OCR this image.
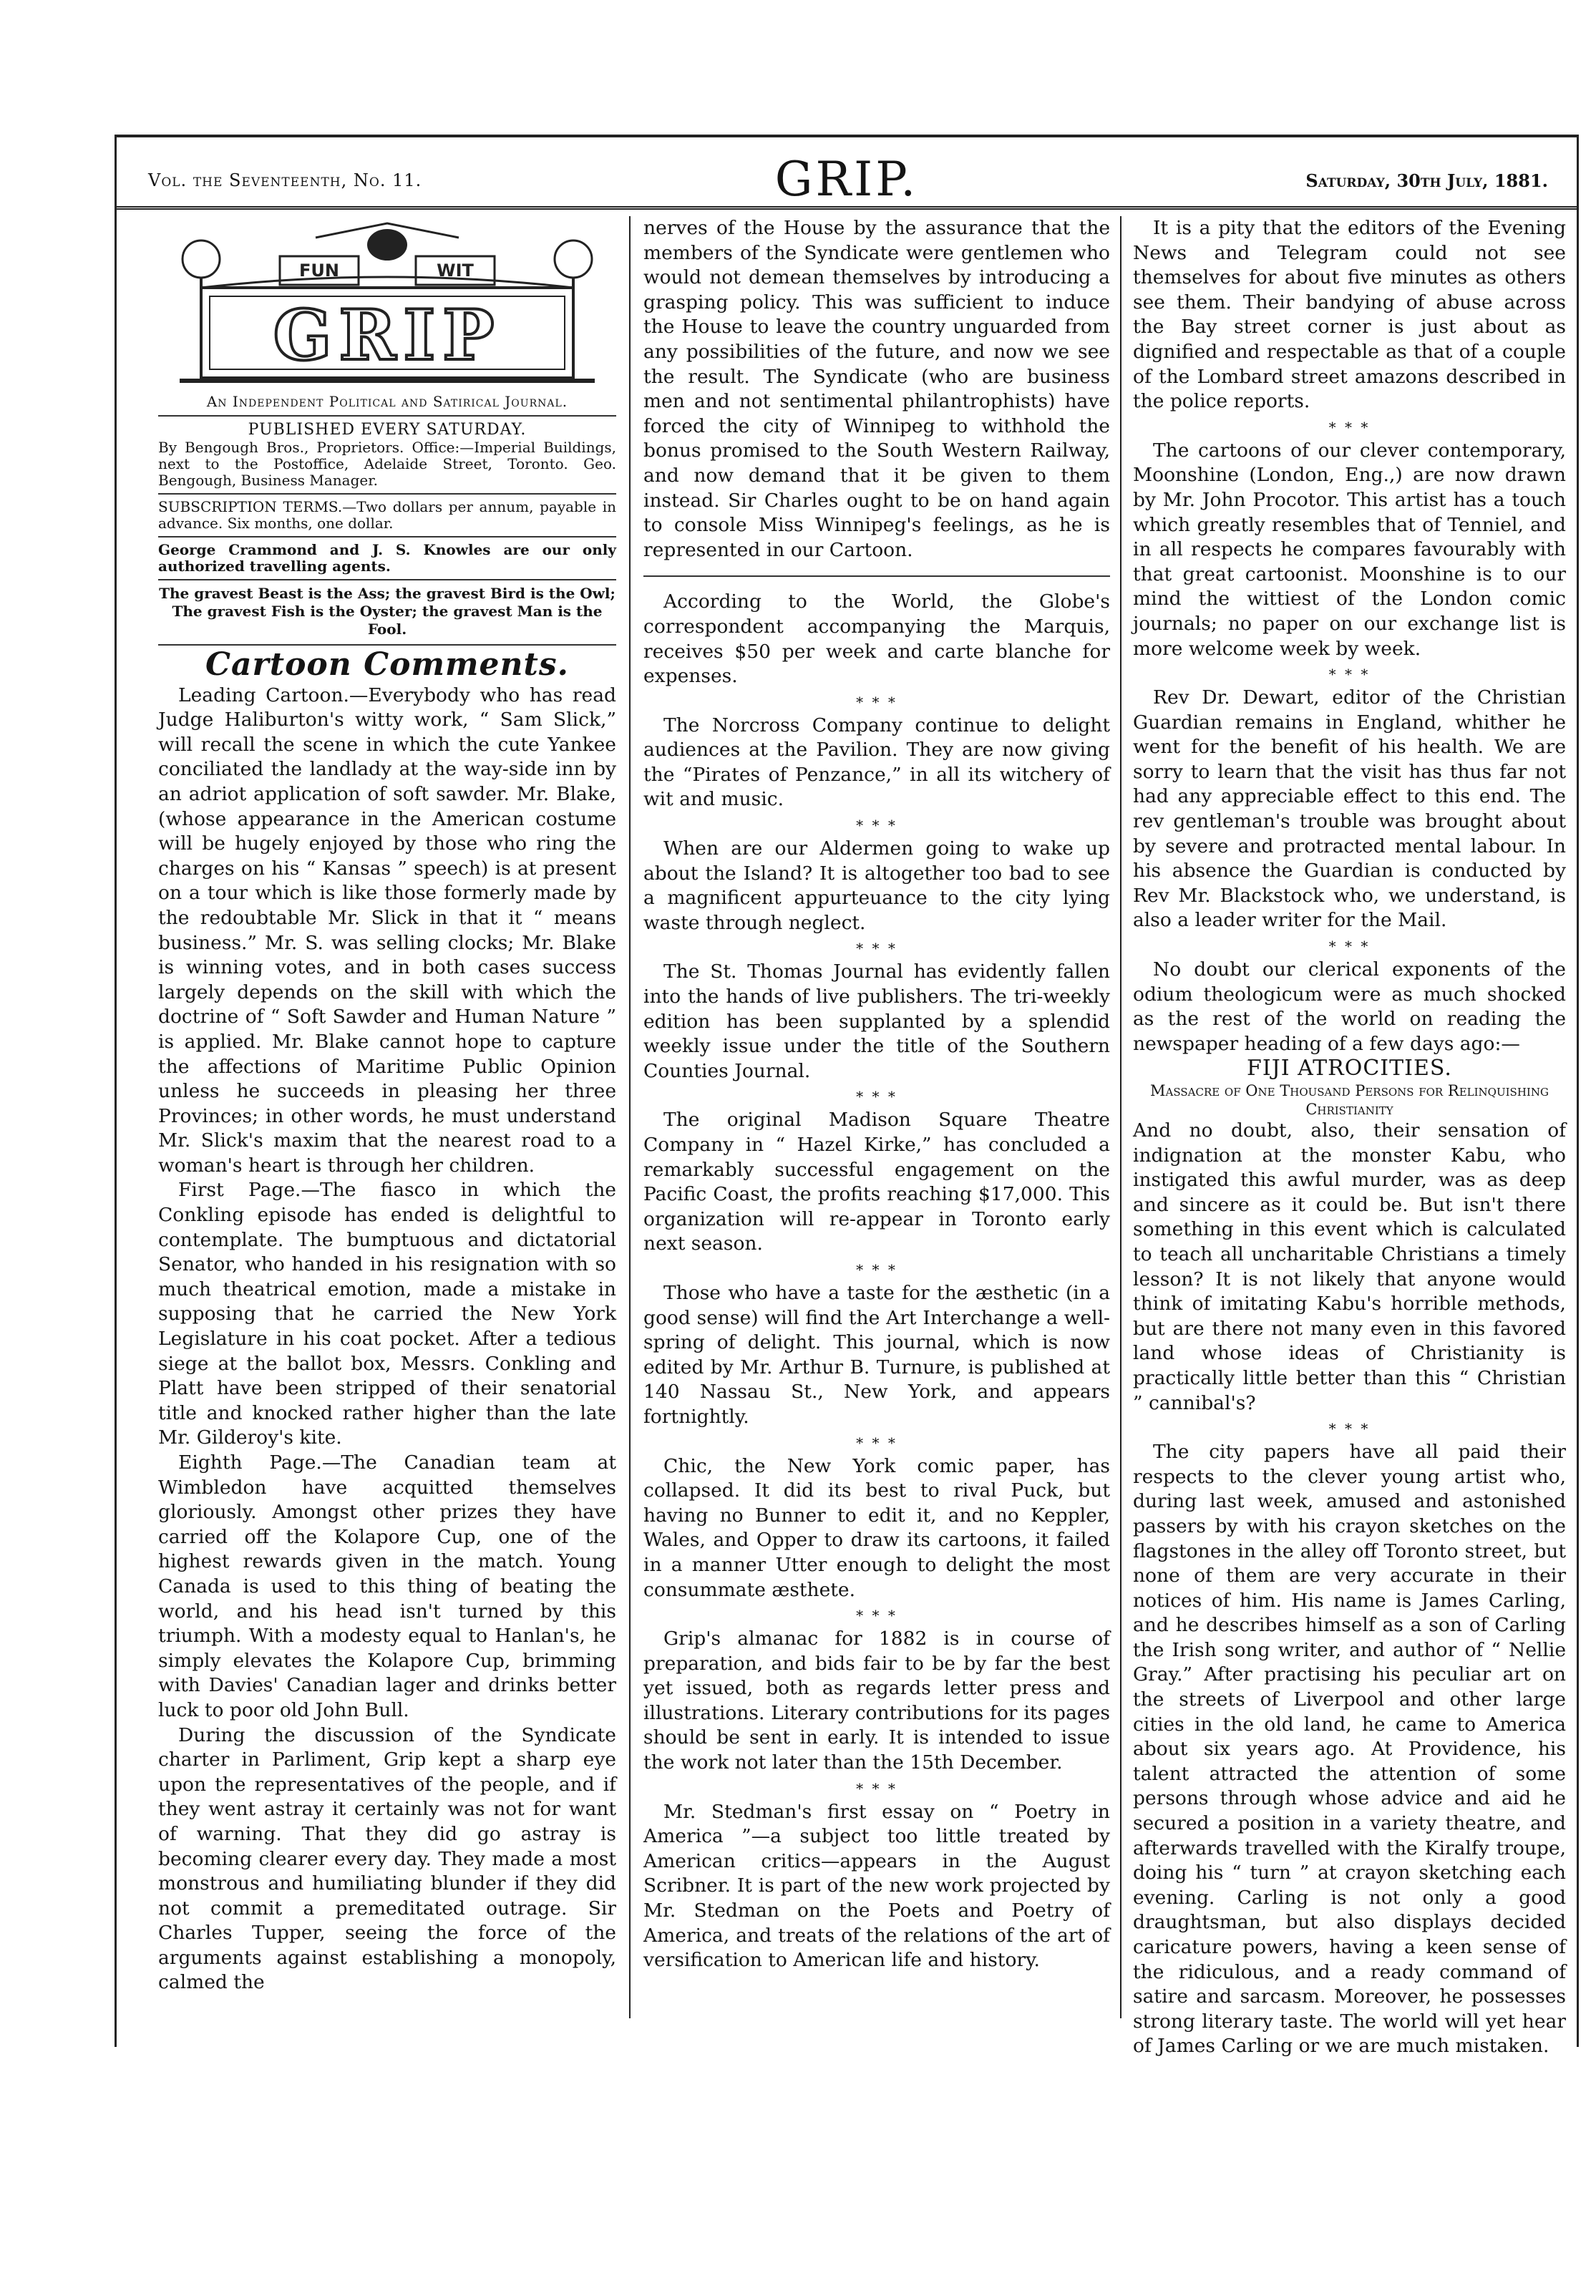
Vol. the Seventeenth, No. 11.	GRIP.	Saturday, 30th July, 1881.
FUN	WIT
GRIP
An Independent Political and Satirical Journal.
PUBLISHED EVERY SATURDAY.

By Bengough Bros., Proprietors. Office:—Imperial Buildings, next to the Postoffice, Adelaide Street, Toronto. Geo. Bengough, Business Manager.

SUBSCRIPTION TERMS.—Two dollars per annum, payable in advance. Six months, one dollar.

George Crammond and J. S. Knowles are our only authorized travelling agents.

The gravest Beast is the Ass; the gravest Bird is the Owl; The gravest Fish is the Oyster; the gravest Man is the Fool.

Cartoon Comments.

Leading Cartoon.—Everybody who has read Judge Haliburton's witty work, “ Sam Slick,” will recall the scene in which the cute Yankee conciliated the landlady at the way-side inn by an adriot application of soft sawder. Mr. Blake, (whose appearance in the American costume will be hugely enjoyed by those who ring the charges on his “ Kansas ” speech) is at present on a tour which is like those formerly made by the redoubtable Mr. Slick in that it “ means business.” Mr. S. was selling clocks; Mr. Blake is winning votes, and in both cases success largely depends on the skill with which the doctrine of “ Soft Sawder and Human Nature ” is applied. Mr. Blake cannot hope to capture the affections of Maritime Public Opinion unless he succeeds in pleasing her three Provinces; in other words, he must understand Mr. Slick's maxim that the nearest road to a woman's heart is through her children.

First Page.—The fiasco in which the Conkling episode has ended is delightful to contemplate. The bumptuous and dictatorial Senator, who handed in his resignation with so much theatrical emotion, made a mistake in supposing that he carried the New York Legislature in his coat pocket. After a tedious siege at the ballot box, Messrs. Conkling and Platt have been stripped of their senatorial title and knocked rather higher than the late Mr. Gilderoy's kite.

Eighth Page.—The Canadian team at Wimbledon have acquitted themselves gloriously. Amongst other prizes they have carried off the Kolapore Cup, one of the highest rewards given in the match. Young Canada is used to this thing of beating the world, and his head isn't turned by this triumph. With a modesty equal to Hanlan's, he simply elevates the Kolapore Cup, brimming with Davies' Canadian lager and drinks better luck to poor old John Bull.

During the discussion of the Syndicate charter in Parliment, Grip kept a sharp eye upon the representatives of the people, and if they went astray it certainly was not for want of warning. That they did go astray is becoming clearer every day. They made a most monstrous and humiliating blunder if they did not commit a premeditated outrage. Sir Charles Tupper, seeing the force of the arguments against establishing a monopoly, calmed the

nerves of the House by the assurance that the members of the Syndicate were gentlemen who would not demean themselves by introducing a grasping policy. This was sufficient to induce the House to leave the country unguarded from any possibilities of the future, and now we see the result. The Syndicate (who are business men and not sentimental philantrophists) have forced the city of Winnipeg to withhold the bonus promised to the South Western Railway, and now demand that it be given to them instead. Sir Charles ought to be on hand again to console Miss Winnipeg's feelings, as he is represented in our Cartoon.

According to the World, the Globe's correspondent accompanying the Marquis, receives $50 per week and carte blanche for expenses.

* * *

The Norcross Company continue to delight audiences at the Pavilion. They are now giving the “Pirates of Penzance,” in all its witchery of wit and music.

* * *

When are our Aldermen going to wake up about the Island? It is altogether too bad to see a magnificent appurteuance to the city lying waste through neglect.

* * *

The St. Thomas Journal has evidently fallen into the hands of live publishers. The tri-weekly edition has been supplanted by a splendid weekly issue under the title of the Southern Counties Journal.

* * *

The original Madison Square Theatre Company in “ Hazel Kirke,” has concluded a remarkably successful engagement on the Pacific Coast, the profits reaching $17,000. This organization will re-appear in Toronto early next season.

* * *

Those who have a taste for the æsthetic (in a good sense) will find the Art Interchange a well-spring of delight. This journal, which is now edited by Mr. Arthur B. Turnure, is published at 140 Nassau St., New York, and appears fortnightly.

* * *

Chic, the New York comic paper, has collapsed. It did its best to rival Puck, but having no Bunner to edit it, and no Keppler, Wales, and Opper to draw its cartoons, it failed in a manner Utter enough to delight the most consummate æsthete.

* * *

Grip's almanac for 1882 is in course of preparation, and bids fair to be by far the best yet issued, both as regards letter press and illustrations. Literary contributions for its pages should be sent in early. It is intended to issue the work not later than the 15th December.

* * *

Mr. Stedman's first essay on “ Poetry in America ”—a subject too little treated by American critics—appears in the August Scribner. It is part of the new work projected by Mr. Stedman on the Poets and Poetry of America, and treats of the relations of the art of versification to American life and history.

It is a pity that the editors of the Evening News and Telegram could not see themselves for about five minutes as others see them. Their bandying of abuse across the Bay street corner is just about as dignified and respectable as that of a couple of the Lombard street amazons described in the police reports.

* * *

The cartoons of our clever contemporary, Moonshine (London, Eng.,) are now drawn by Mr. John Procotor. This artist has a touch which greatly resembles that of Tenniel, and in all respects he compares favourably with that great cartoonist. Moonshine is to our mind the wittiest of the London comic journals; no paper on our exchange list is more welcome week by week.

* * *

Rev Dr. Dewart, editor of the Christian Guardian remains in England, whither he went for the benefit of his health. We are sorry to learn that the visit has thus far not had any appreciable effect to this end. The rev gentleman's trouble was brought about by severe and protracted mental labour. In his absence the Guardian is conducted by Rev Mr. Blackstock who, we understand, is also a leader writer for the Mail.

* * *

No doubt our clerical exponents of the odium theologicum were as much shocked as the rest of the world on reading the newspaper heading of a few days ago:—

FIJI ATROCITIES.
Massacre of One Thousand Persons for Relinquishing Christianity

And no doubt, also, their sensation of indignation at the monster Kabu, who instigated this awful murder, was as deep and sincere as it could be. But isn't there something in this event which is calculated to teach all uncharitable Christians a timely lesson? It is not likely that anyone would think of imitating Kabu's horrible methods, but are there not many even in this favored land whose ideas of Christianity is practically little better than this “ Christian ” cannibal's?

* * *

The city papers have all paid their respects to the clever young artist who, during last week, amused and astonished passers by with his crayon sketches on the flagstones in the alley off Toronto street, but none of them are very accurate in their notices of him. His name is James Carling, and he describes himself as a son of Carling the Irish song writer, and author of “ Nellie Gray.” After practising his peculiar art on the streets of Liverpool and other large cities in the old land, he came to America about six years ago. At Providence, his talent attracted the attention of some persons through whose advice and aid he secured a position in a variety theatre, and afterwards travelled with the Kiralfy troupe, doing his “ turn ” at crayon sketching each evening. Carling is not only a good draughtsman, but also displays decided caricature powers, having a keen sense of the ridiculous, and a ready command of satire and sarcasm. Moreover, he possesses strong literary taste. The world will yet hear of James Carling or we are much mistaken.
